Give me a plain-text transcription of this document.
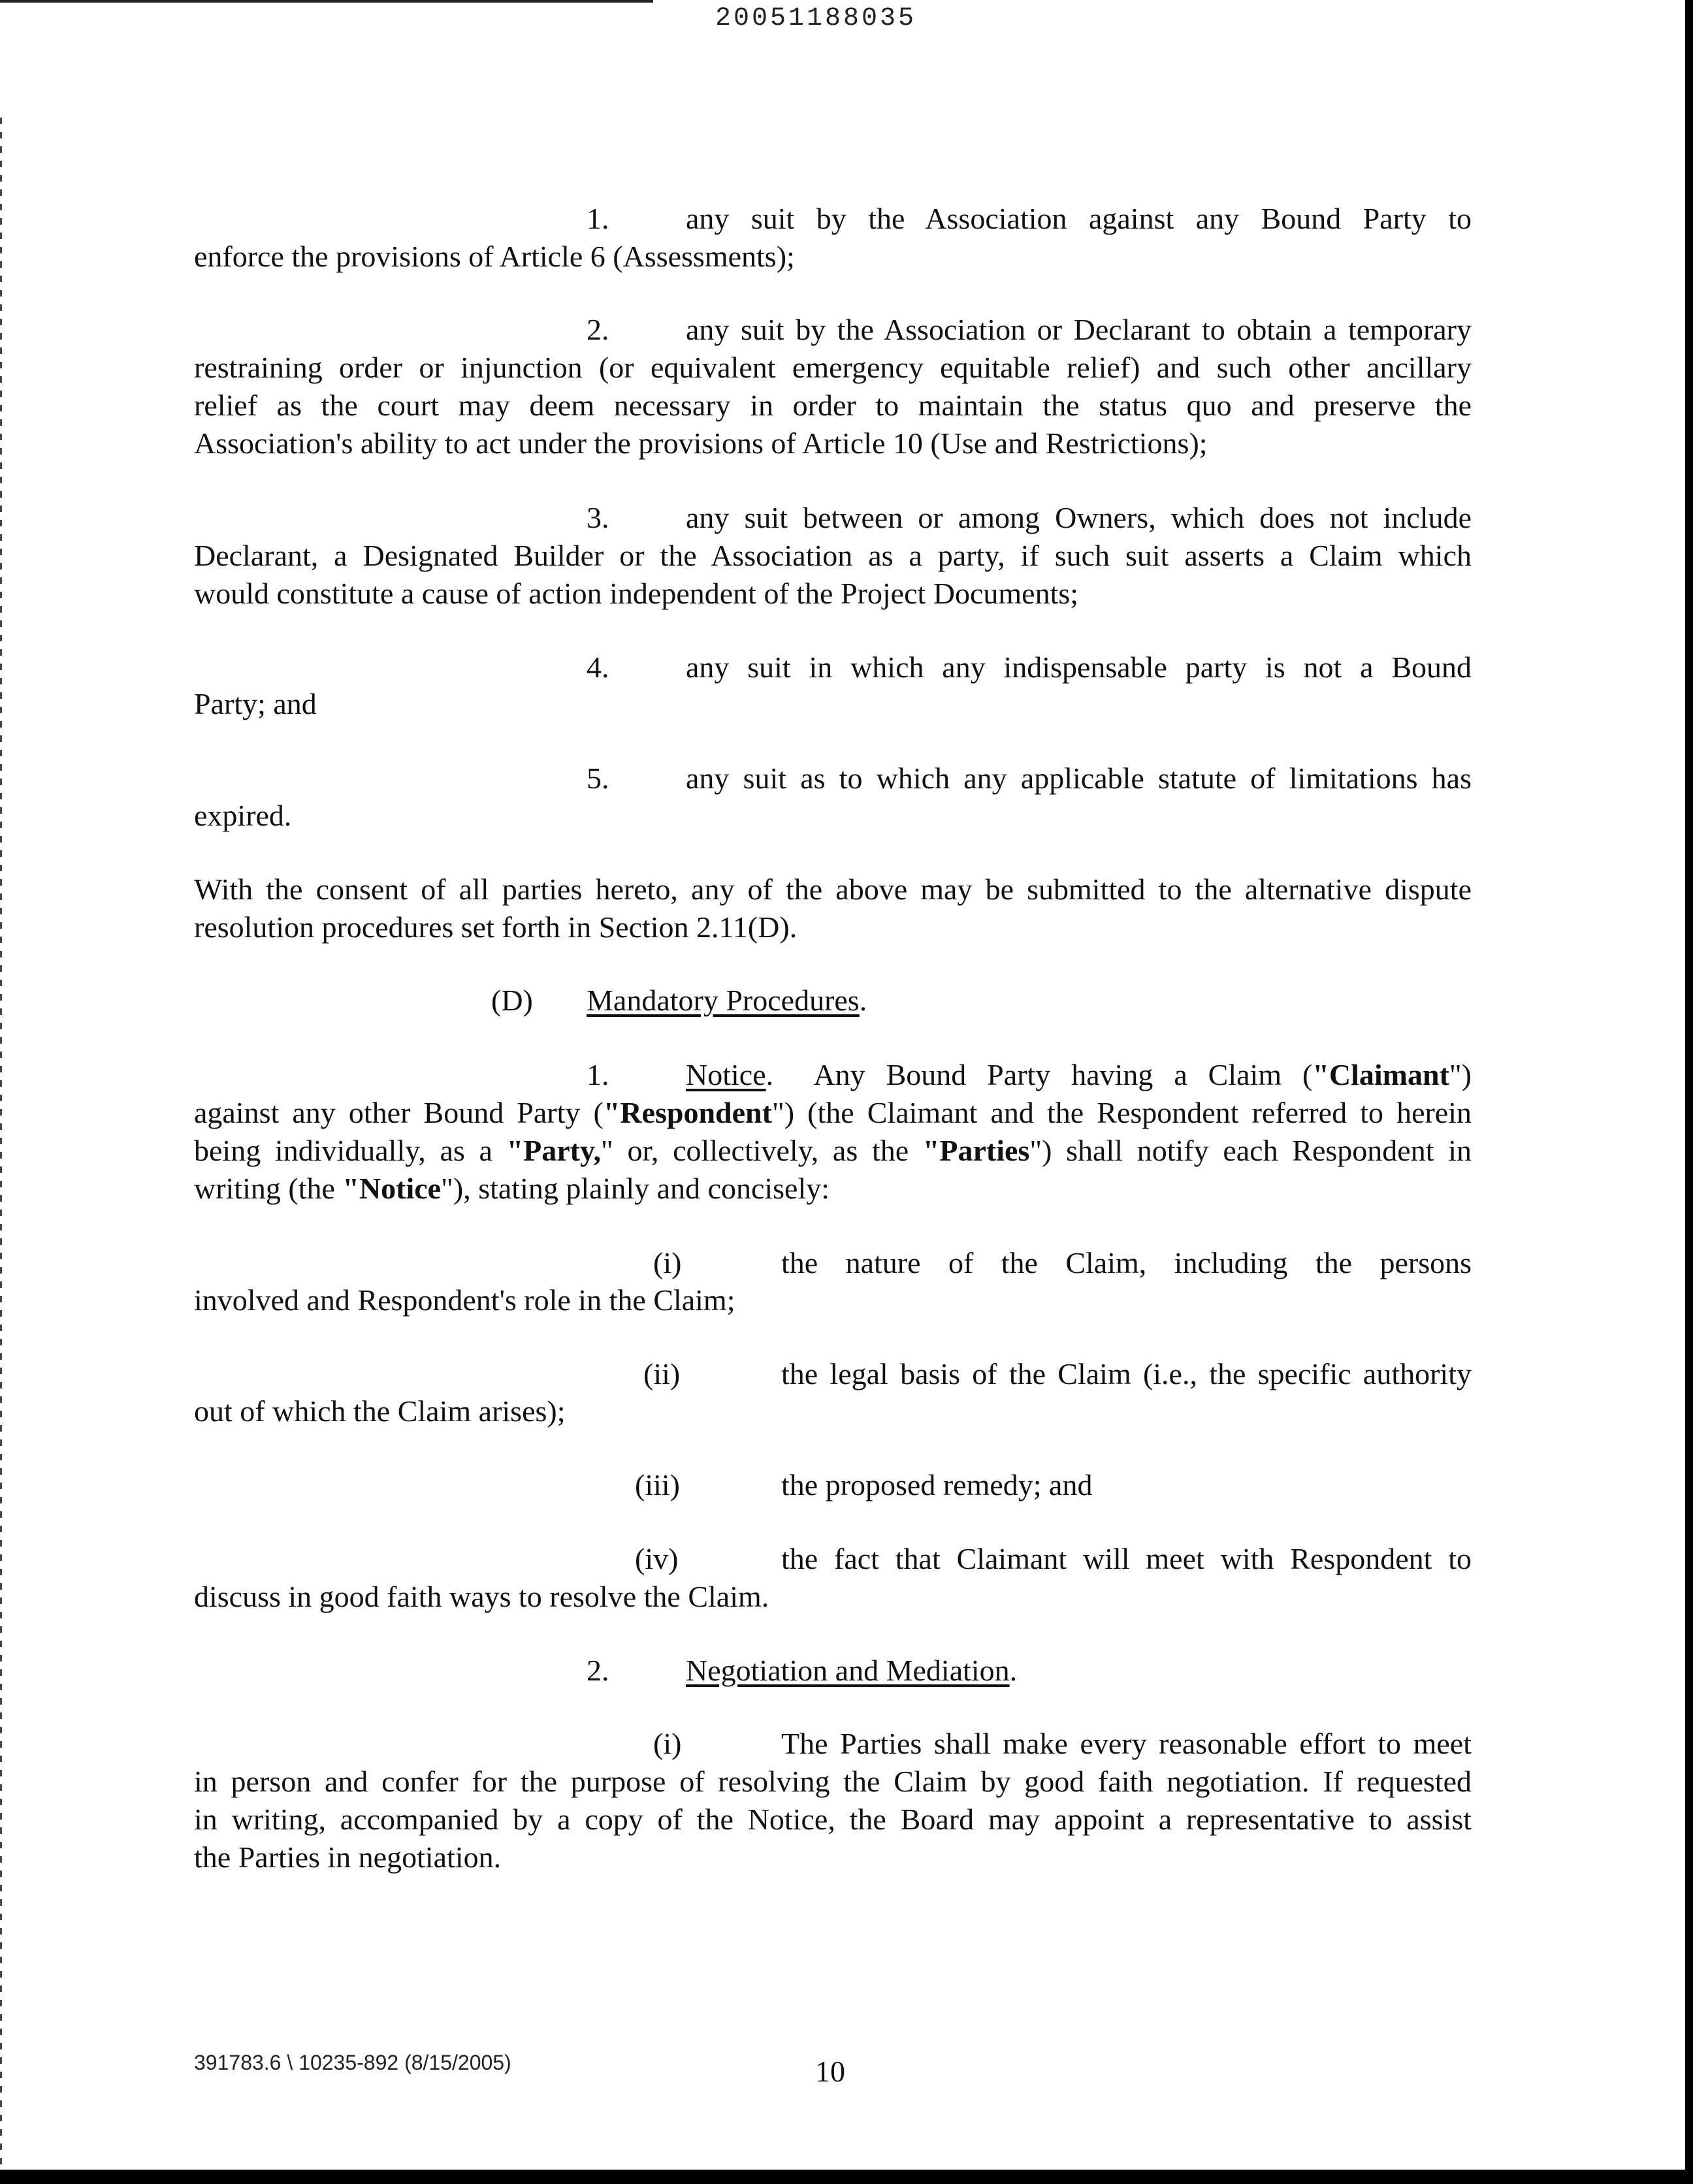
20051188035
1.	any suit by the Association against any Bound Party to
enforce the provisions of Article 6 (Assessments);
2.	any suit by the Association or Declarant to obtain a temporary
restraining order or injunction (or equivalent emergency equitable relief) and such other ancillary
relief as the court may deem necessary in order to maintain the status quo and preserve the
Association's ability to act under the provisions of Article 10 (Use and Restrictions);
3.	any suit between or among Owners, which does not include
Declarant, a Designated Builder or the Association as a party, if such suit asserts a Claim which
would constitute a cause of action independent of the Project Documents;
4.	any suit in which any indispensable party is not a Bound
Party; and
5.	any suit as to which any applicable statute of limitations has
expired.
With the consent of all parties hereto, any of the above may be submitted to the alternative dispute
resolution procedures set forth in Section 2.11(D).
(D) Mandatory Procedures.
1.	Notice. Any Bound Party having a Claim ("Claimant")
against any other Bound Party ("Respondent") (the Claimant and the Respondent referred to herein
being individually, as a "Party," or, collectively, as the "Parties") shall notify each Respondent in
writing (the "Notice"), stating plainly and concisely:
(i)	the nature of the Claim, including the persons
involved and Respondent's role in the Claim;
(ii)	the legal basis of the Claim (i.e., the specific authority
out of which the Claim arises);
(iii)	the proposed remedy; and
(iv)	the fact that Claimant will meet with Respondent to
discuss in good faith ways to resolve the Claim.
2.	Negotiation and Mediation.
(i)	The Parties shall make every reasonable effort to meet
in person and confer for the purpose of resolving the Claim by good faith negotiation. If requested
in writing, accompanied by a copy of the Notice, the Board may appoint a representative to assist
the Parties in negotiation.
391783.6 \ 10235-892 (8/15/2005)	10
